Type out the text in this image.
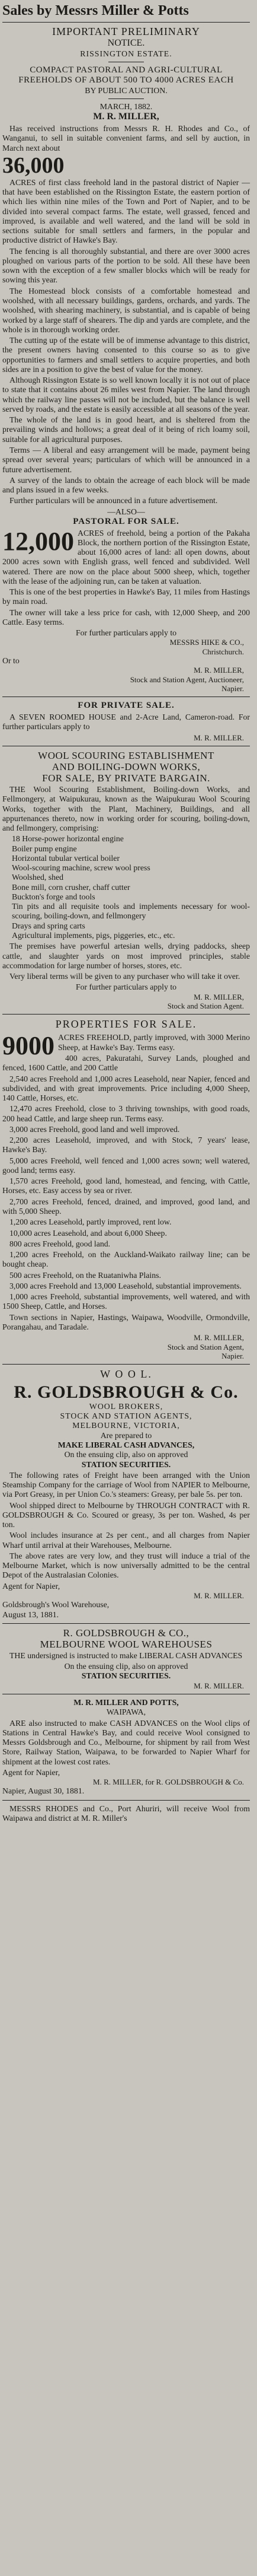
Sales by Messrs Miller & Potts
IMPORTANT PRELIMINARY
NOTICE.
RISSINGTON ESTATE.
COMPACT PASTORAL AND AGRI-CULTURAL FREEHOLDS OF ABOUT 500 TO 4000 ACRES EACH
BY PUBLIC AUCTION.
MARCH, 1882.
M. R. MILLER,

Has received instructions from Messrs R. H. Rhodes and Co., of Wanganui, to sell in suitable convenient farms, and sell by auction, in March next about

36,000

ACRES of first class freehold land in the pastoral district of Napier — that have been established on the Rissington Estate, the eastern portion of which lies within nine miles of the Town and Port of Napier, and to be divided into several compact farms. The estate, well grassed, fenced and improved, is available and well watered, and the land will be sold in sections suitable for small settlers and farmers, in the popular and productive district of Hawke's Bay.

The fencing is all thoroughly substantial, and there are over 3000 acres ploughed on various parts of the portion to be sold. All these have been sown with the exception of a few smaller blocks which will be ready for sowing this year.

The Homestead block consists of a comfortable homestead and woolshed, with all necessary buildings, gardens, orchards, and yards. The woolshed, with shearing machinery, is substantial, and is capable of being worked by a large staff of shearers. The dip and yards are complete, and the whole is in thorough working order.

The cutting up of the estate will be of immense advantage to this district, the present owners having consented to this course so as to give opportunities to farmers and small settlers to acquire properties, and both sides are in a position to give the best of value for the money.

Although Rissington Estate is so well known locally it is not out of place to state that it contains about 26 miles west from Napier. The land through which the railway line passes will not be included, but the balance is well served by roads, and the estate is easily accessible at all seasons of the year.

The whole of the land is in good heart, and is sheltered from the prevailing winds and hollows; a great deal of it being of rich loamy soil, suitable for all agricultural purposes.

Terms — A liberal and easy arrangement will be made, payment being spread over several years; particulars of which will be announced in a future advertisement.

A survey of the lands to obtain the acreage of each block will be made and plans issued in a few weeks.

Further particulars will be announced in a future advertisement.

—ALSO—
PASTORAL FOR SALE.
12,000 ACRES of freehold, being a portion of the Pakaha Block, the northern portion of the Rissington Estate, about 16,000 acres of land: all open downs, about 2000 acres sown with English grass, well fenced and subdivided. Well watered. There are now on the place about 5000 sheep, which, together with the lease of the adjoining run, can be taken at valuation.

This is one of the best properties in Hawke's Bay, 11 miles from Hastings by main road.

The owner will take a less price for cash, with 12,000 Sheep, and 200 Cattle. Easy terms.

For further particulars apply to
MESSRS HIKE & CO.,
Christchurch.
Or to
M. R. MILLER,
Stock and Station Agent, Auctioneer,
Napier.
FOR PRIVATE SALE.

A SEVEN ROOMED HOUSE and 2-Acre Land, Cameron-road. For further particulars apply to

M. R. MILLER.
WOOL SCOURING ESTABLISHMENT
AND BOILING-DOWN WORKS,
FOR SALE, BY PRIVATE BARGAIN.

THE Wool Scouring Establishment, Boiling-down Works, and Fellmongery, at Waipukurau, known as the Waipukurau Wool Scouring Works, together with the Plant, Machinery, Buildings, and all appurtenances thereto, now in working order for scouring, boiling-down, and fellmongery, comprising:

18 Horse-power horizontal engine
Boiler pump engine
Horizontal tubular vertical boiler
Wool-scouring machine, screw wool press
Woolshed, shed
Bone mill, corn crusher, chaff cutter
Buckton's forge and tools
Tin pits and all requisite tools and implements necessary for wool-scouring, boiling-down, and fellmongery
Drays and spring carts
Agricultural implements, pigs, piggeries, etc., etc.

The premises have powerful artesian wells, drying paddocks, sheep cattle, and slaughter yards on most improved principles, stable accommodation for large number of horses, stores, etc.

Very liberal terms will be given to any purchaser who will take it over.

For further particulars apply to
M. R. MILLER,
Stock and Station Agent.
PROPERTIES FOR SALE.
9000 ACRES FREEHOLD, partly improved, with 3000 Merino Sheep, at Hawke's Bay. Terms easy.

400 acres, Pakuratahi, Survey Lands, ploughed and fenced, 1600 Cattle, and 200 Cattle

2,540 acres Freehold and 1,000 acres Leasehold, near Napier, fenced and subdivided, and with great improvements. Price including 4,000 Sheep, 140 Cattle, Horses, etc.

12,470 acres Freehold, close to 3 thriving townships, with good roads, 200 head Cattle, and large sheep run. Terms easy.

3,000 acres Freehold, good land and well improved.

2,200 acres Leasehold, improved, and with Stock, 7 years' lease, Hawke's Bay.

5,000 acres Freehold, well fenced and 1,000 acres sown; well watered, good land; terms easy.

1,570 acres Freehold, good land, homestead, and fencing, with Cattle, Horses, etc. Easy access by sea or river.

2,700 acres Freehold, fenced, drained, and improved, good land, and with 5,000 Sheep.

1,200 acres Leasehold, partly improved, rent low.

10,000 acres Leasehold, and about 6,000 Sheep.

800 acres Freehold, good land.

1,200 acres Freehold, on the Auckland-Waikato railway line; can be bought cheap.

500 acres Freehold, on the Ruataniwha Plains.

3,000 acres Freehold and 13,000 Leasehold, substantial improvements.

1,000 acres Freehold, substantial improvements, well watered, and with 1500 Sheep, Cattle, and Horses.

Town sections in Napier, Hastings, Waipawa, Woodville, Ormondville, Porangahau, and Taradale.

M. R. MILLER,
Stock and Station Agent,
Napier.
W O O L.
R. GOLDSBROUGH & Co.
WOOL BROKERS,
STOCK AND STATION AGENTS,
MELBOURNE, VICTORIA,
Are prepared to
MAKE LIBERAL CASH ADVANCES,
On the ensuing clip, also on approved
STATION SECURITIES.

The following rates of Freight have been arranged with the Union Steamship Company for the carriage of Wool from NAPIER to Melbourne, via Port Greasy, in per Union Co.'s steamers: Greasy, per bale 5s. per ton.

Wool shipped direct to Melbourne by THROUGH CONTRACT with R. GOLDSBROUGH & Co. Scoured or greasy, 3s per ton. Washed, 4s per ton.

Wool includes insurance at 2s per cent., and all charges from Napier Wharf until arrival at their Warehouses, Melbourne.

The above rates are very low, and they trust will induce a trial of the Melbourne Market, which is now universally admitted to be the central Depot of the Australasian Colonies.

Agent for Napier,
M. R. MILLER.
Goldsbrough's Wool Warehouse,
August 13, 1881.
R. GOLDSBROUGH & CO.,
MELBOURNE WOOL WAREHOUSES

THE undersigned is instructed to make LIBERAL CASH ADVANCES

On the ensuing clip, also on approved
STATION SECURITIES.
M. R. MILLER.
M. R. MILLER AND POTTS,
WAIPAWA,

ARE also instructed to make CASH ADVANCES on the Wool clips of Stations in Central Hawke's Bay, and could receive Wool consigned to Messrs Goldsbrough and Co., Melbourne, for shipment by rail from West Store, Railway Station, Waipawa, to be forwarded to Napier Wharf for shipment at the lowest cost rates.

Agent for Napier,
M. R. MILLER, for R. GOLDSBROUGH & Co.
Napier, August 30, 1881.

MESSRS RHODES and Co., Port Ahuriri, will receive Wool from Waipawa and district at M. R. Miller's
